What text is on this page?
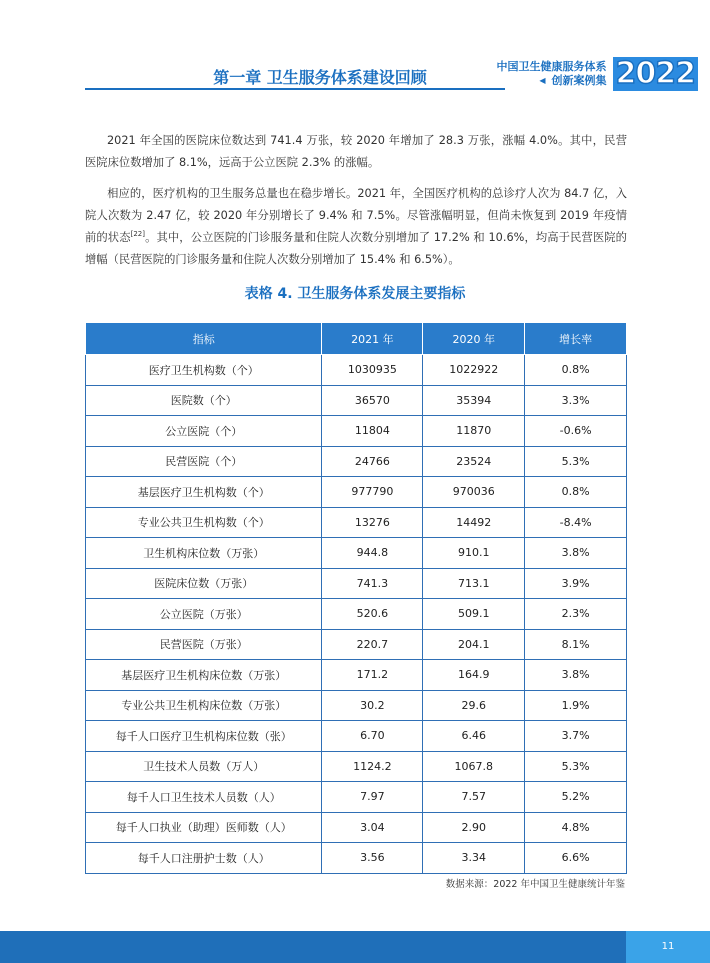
第一章 卫生服务体系建设回顾
中国卫生健康服务体系
◀ 创新案例集 2022

2021 年全国的医院床位数达到 741.4 万张，较 2020 年增加了 28.3 万张，涨幅 4.0%。其中，民营医院床位数增加了 8.1%，远高于公立医院 2.3% 的涨幅。

相应的，医疗机构的卫生服务总量也在稳步增长。2021 年，全国医疗机构的总诊疗人次为 84.7 亿，入院人次数为 2.47 亿，较 2020 年分别增长了 9.4% 和 7.5%。尽管涨幅明显，但尚未恢复到 2019 年疫情前的状态[22]。其中，公立医院的门诊服务量和住院人次数分别增加了 17.2% 和 10.6%，均高于民营医院的增幅（民营医院的门诊服务量和住院人次数分别增加了 15.4% 和 6.5%）。

表格 4. 卫生服务体系发展主要指标
指标	2021 年	2020 年	增长率
医疗卫生机构数（个）	1030935	1022922	0.8%
医院数（个）	36570	35394	3.3%
公立医院（个）	11804	11870	-0.6%
民营医院（个）	24766	23524	5.3%
基层医疗卫生机构数（个）	977790	970036	0.8%
专业公共卫生机构数（个）	13276	14492	-8.4%
卫生机构床位数（万张）	944.8	910.1	3.8%
医院床位数（万张）	741.3	713.1	3.9%
公立医院（万张）	520.6	509.1	2.3%
民营医院（万张）	220.7	204.1	8.1%
基层医疗卫生机构床位数（万张）	171.2	164.9	3.8%
专业公共卫生机构床位数（万张）	30.2	29.6	1.9%
每千人口医疗卫生机构床位数（张）	6.70	6.46	3.7%
卫生技术人员数（万人）	1124.2	1067.8	5.3%
每千人口卫生技术人员数（人）	7.97	7.57	5.2%
每千人口执业（助理）医师数（人）	3.04	2.90	4.8%
每千人口注册护士数（人）	3.56	3.34	6.6%
数据来源：2022 年中国卫生健康统计年鉴
11
